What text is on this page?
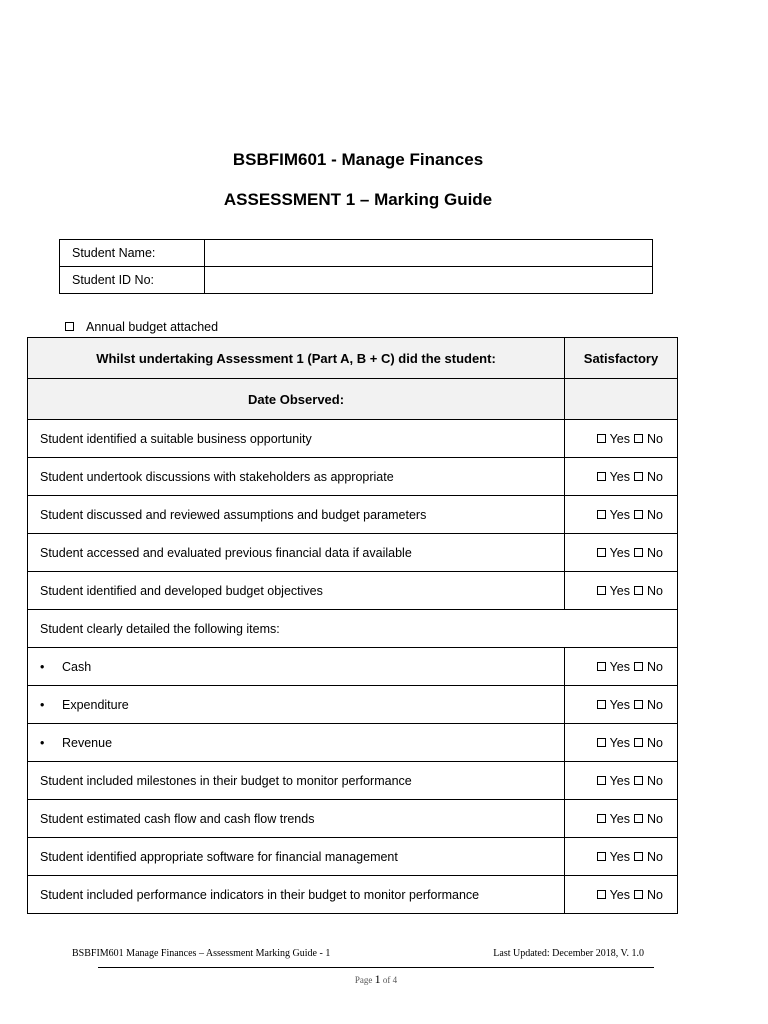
BSBFIM601 - Manage Finances
ASSESSMENT 1 – Marking Guide
Student Name:	
Student ID No:	
Annual budget attached
Whilst undertaking Assessment 1 (Part A, B + C) did the student:	Satisfactory

Date Observed:	

Student identified a suitable business opportunity	Yes No
Student undertook discussions with stakeholders as appropriate	Yes No
Student discussed and reviewed assumptions and budget parameters	Yes No
Student accessed and evaluated previous financial data if available	Yes No
Student identified and developed budget objectives	Yes No
Student clearly detailed the following items:	
• Cash	Yes No
• Expenditure	Yes No
• Revenue	Yes No
Student included milestones in their budget to monitor performance	Yes No
Student estimated cash flow and cash flow trends	Yes No
Student identified appropriate software for financial management	Yes No
Student included performance indicators in their budget to monitor performance	Yes No
BSBFIM601 Manage Finances – Assessment Marking Guide - 1	Last Updated: December 2018, V. 1.0
Page 1 of 4
